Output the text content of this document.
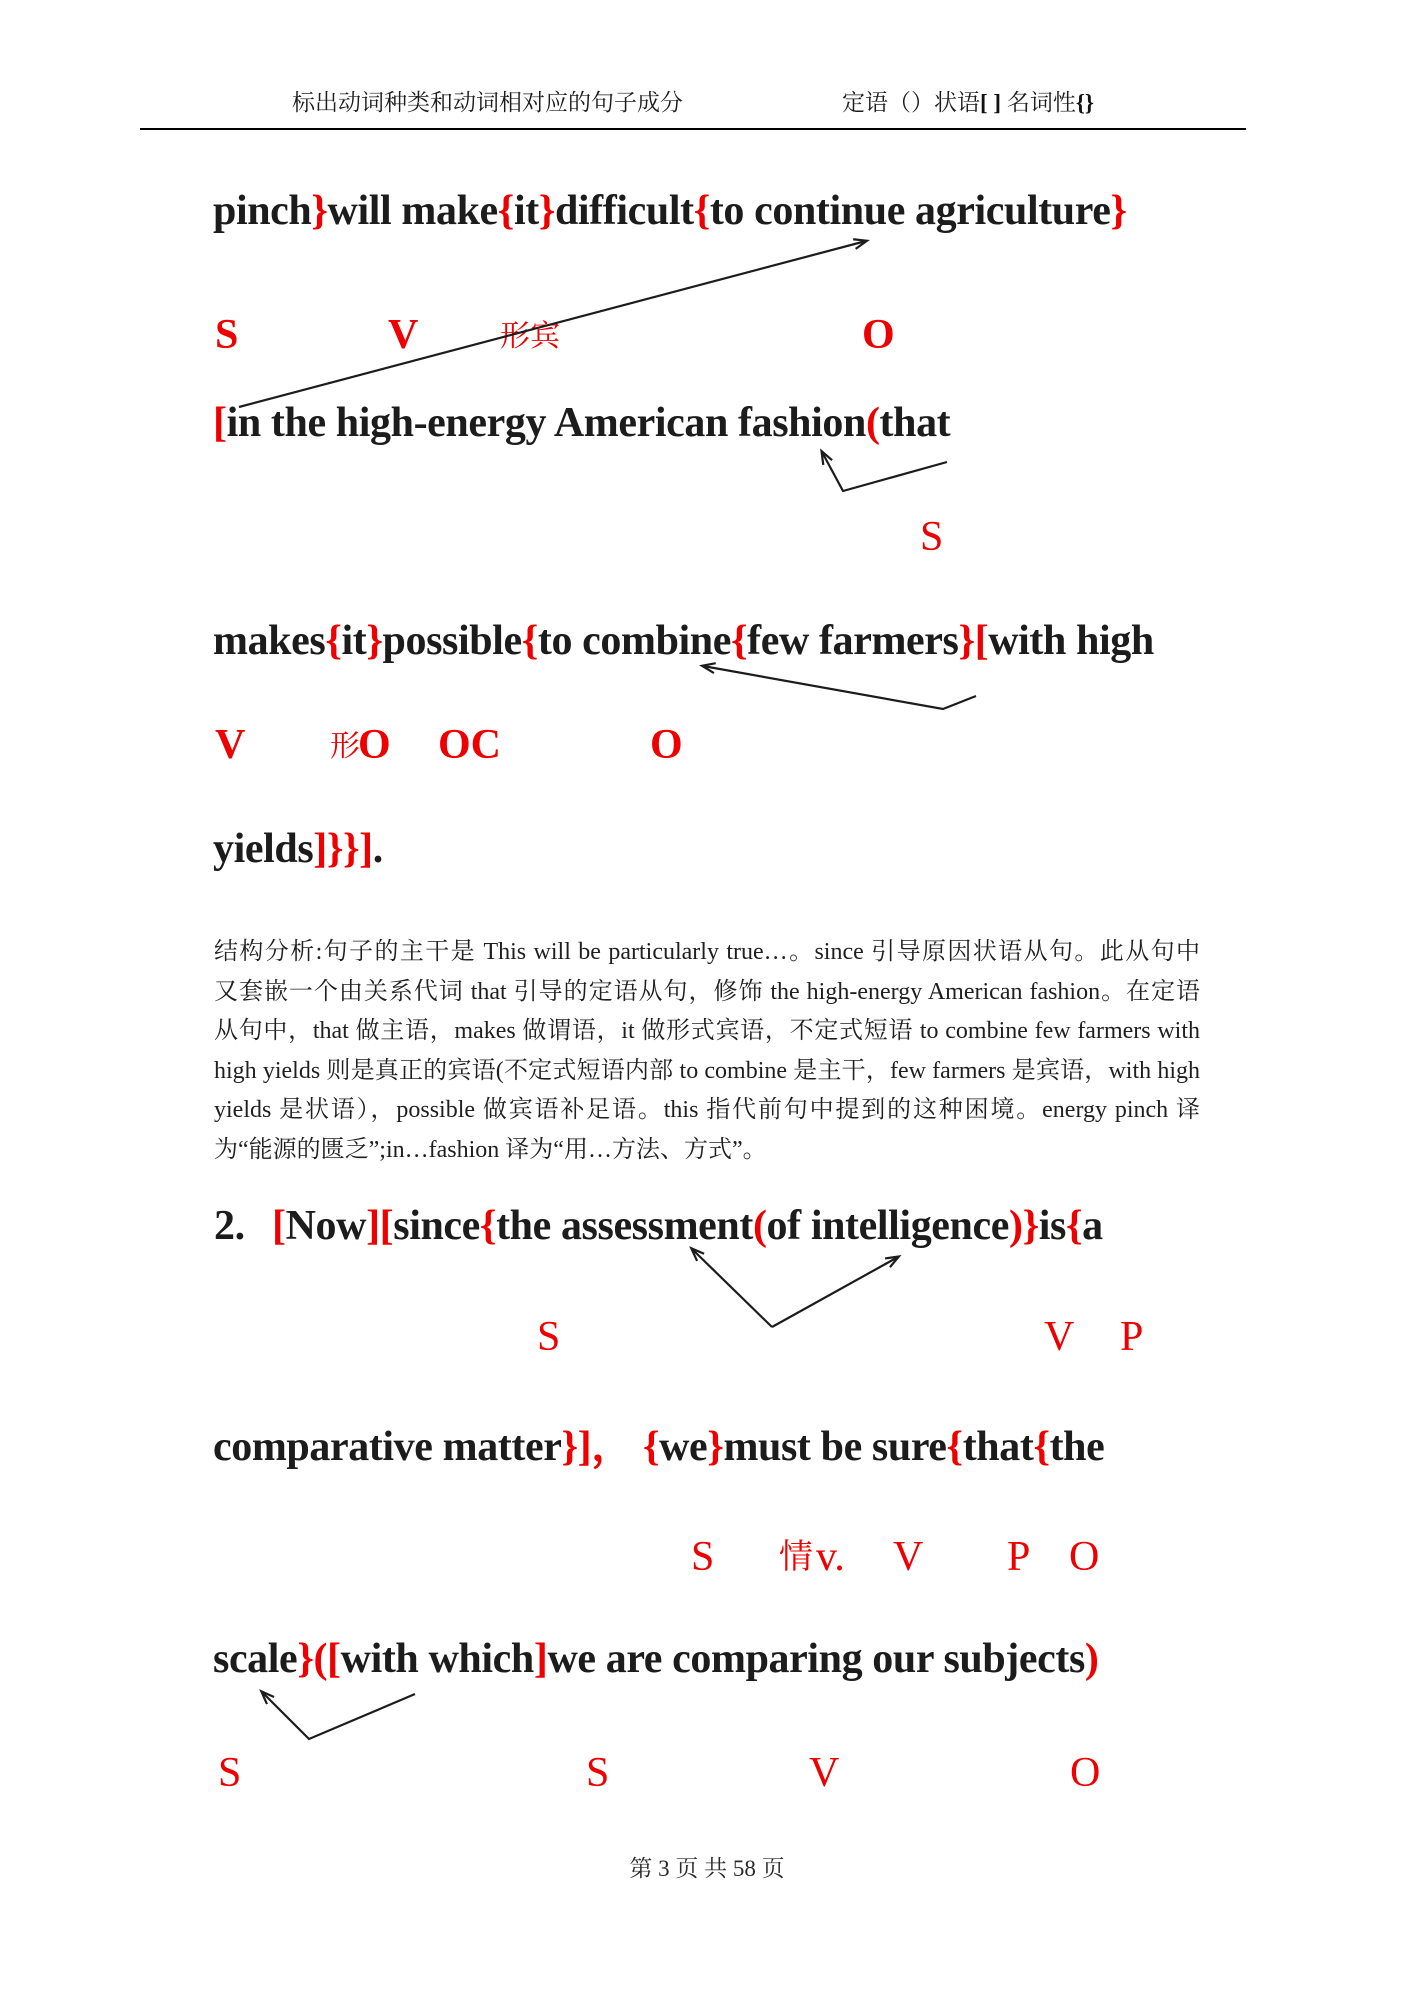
标出动词种类和动词相对应的句子成分	定语（）状语[ ] 名词性{}
pinch}will make{it}difficult{to continue agriculture}
S	V	形宾	O
[in the high-energy American fashion(that
S
makes{it}possible{to combine{few farmers}[with high
V	形
O OC	O
yields]}}].
结构分析:句子的主干是 This will be particularly true…。since 引导原因状语从句。此从句中
又套嵌一个由关系代词 that 引导的定语从句，修饰 the high-energy American fashion。在定语
从句中，that 做主语，makes 做谓语，it 做形式宾语，不定式短语 to combine few farmers with
high yields 则是真正的宾语(不定式短语内部 to combine 是主干，few farmers 是宾语，with high
yields 是状语），possible 做宾语补足语。this 指代前句中提到的这种困境。energy pinch 译
为“能源的匮乏”;in…fashion 译为“用…方法、方式”。
2. [Now][since{the assessment(of intelligence)}is{a
S	V P
comparative matter}]， {we}must be sure{that{the
S 情 v. V P O
scale}([with which]we are comparing our subjects)
S	S	V	O
第 3 页 共 58 页
